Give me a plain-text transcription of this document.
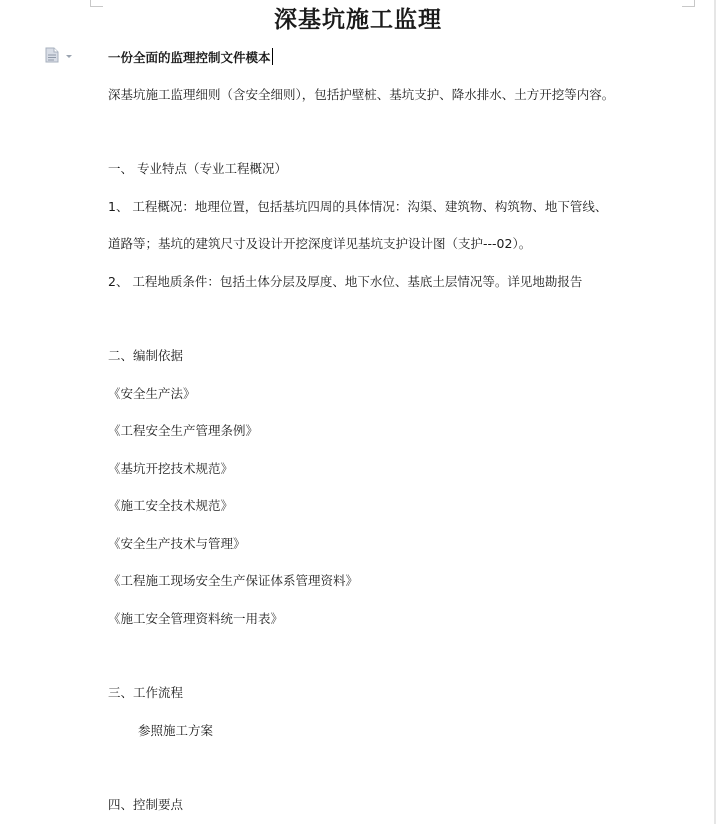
深基坑施工监理
一份全面的监理控制文件模本
深基坑施工监理细则（含安全细则），包括护壁桩、基坑支护、降水排水、土方开挖等内容。
一、 专业特点（专业工程概况）
1、 工程概况：地理位置，包括基坑四周的具体情况：沟渠、建筑物、构筑物、地下管线、
道路等；基坑的建筑尺寸及设计开挖深度详见基坑支护设计图（支护---02）。
2、 工程地质条件：包括土体分层及厚度、地下水位、基底土层情况等。详见地勘报告
二、编制依据
《安全生产法》
《工程安全生产管理条例》
《基坑开挖技术规范》
《施工安全技术规范》
《安全生产技术与管理》
《工程施工现场安全生产保证体系管理资料》
《施工安全管理资料统一用表》
三、工作流程
参照施工方案
四、控制要点
